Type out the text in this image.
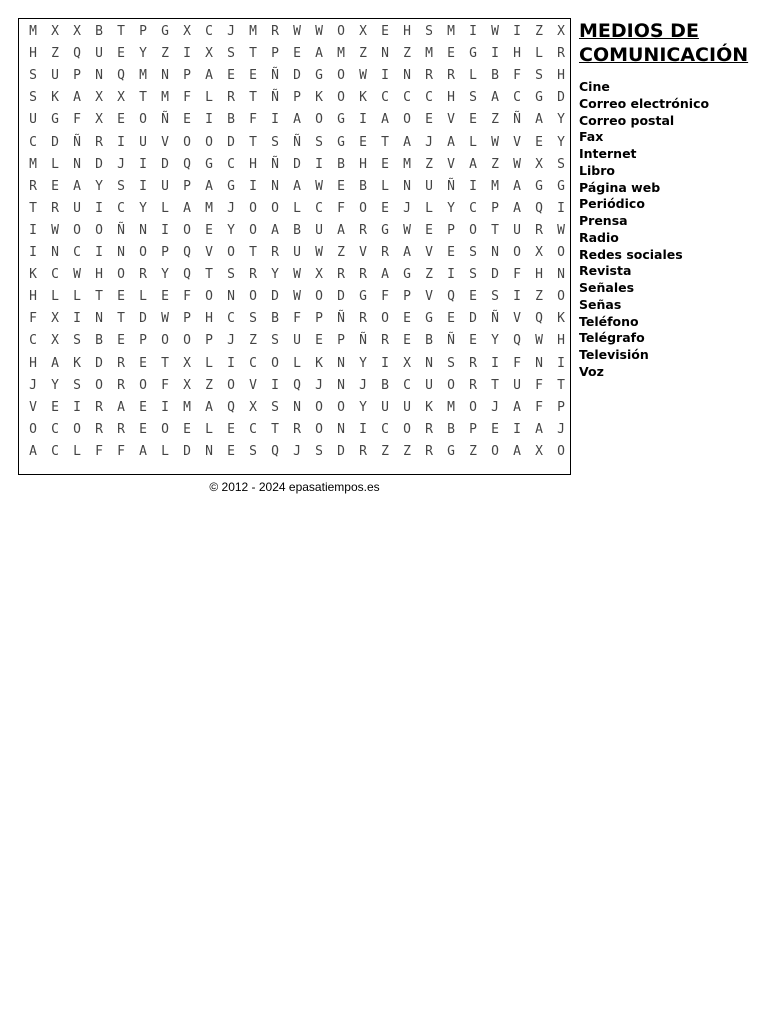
M	X	X	B	T	P	G	X	C	J	M	R	W	W	O	X	E	H	S	M	I	W	I	Z	X
H	Z	Q	U	E	Y	Z	I	X	S	T	P	E	A	M	Z	N	Z	M	E	G	I	H	L	R
S	U	P	N	Q	M	N	P	A	E	E	Ñ	D	G	O	W	I	N	R	R	L	B	F	S	H
S	K	A	X	X	T	M	F	L	R	T	Ñ	P	K	O	K	C	C	C	H	S	A	C	G	D
U	G	F	X	E	O	Ñ	E	I	B	F	I	A	O	G	I	A	O	E	V	E	Z	Ñ	A	Y
C	D	Ñ	R	I	U	V	O	O	D	T	S	Ñ	S	G	E	T	A	J	A	L	W	V	E	Y
M	L	N	D	J	I	D	Q	G	C	H	Ñ	D	I	B	H	E	M	Z	V	A	Z	W	X	S
R	E	A	Y	S	I	U	P	A	G	I	N	A	W	E	B	L	N	U	Ñ	I	M	A	G	G
T	R	U	I	C	Y	L	A	M	J	O	O	L	C	F	O	E	J	L	Y	C	P	A	Q	I
I	W	O	O	Ñ	N	I	O	E	Y	O	A	B	U	A	R	G	W	E	P	O	T	U	R	W
I	N	C	I	N	O	P	Q	V	O	T	R	U	W	Z	V	R	A	V	E	S	N	O	X	O
K	C	W	H	O	R	Y	Q	T	S	R	Y	W	X	R	R	A	G	Z	I	S	D	F	H	N
H	L	L	T	E	L	E	F	O	N	O	D	W	O	D	G	F	P	V	Q	E	S	I	Z	O
F	X	I	N	T	D	W	P	H	C	S	B	F	P	Ñ	R	O	E	G	E	D	Ñ	V	Q	K
C	X	S	B	E	P	O	O	P	J	Z	S	U	E	P	Ñ	R	E	B	Ñ	E	Y	Q	W	H
H	A	K	D	R	E	T	X	L	I	C	O	L	K	N	Y	I	X	N	S	R	I	F	N	I
J	Y	S	O	R	O	F	X	Z	O	V	I	Q	J	N	J	B	C	U	O	R	T	U	F	T
V	E	I	R	A	E	I	M	A	Q	X	S	N	O	O	Y	U	U	K	M	O	J	A	F	P
O	C	O	R	R	E	O	E	L	E	C	T	R	O	N	I	C	O	R	B	P	E	I	A	J
A	C	L	F	F	A	L	D	N	E	S	Q	J	S	D	R	Z	Z	R	G	Z	O	A	X	O
MEDIOS DE
COMUNICACIÓN
Cine
Correo electrónico
Correo postal
Fax
Internet
Libro
Página web
Periódico
Prensa
Radio
Redes sociales
Revista
Señales
Señas
Teléfono
Telégrafo
Televisión
Voz
© 2012 - 2024 epasatiempos.es
